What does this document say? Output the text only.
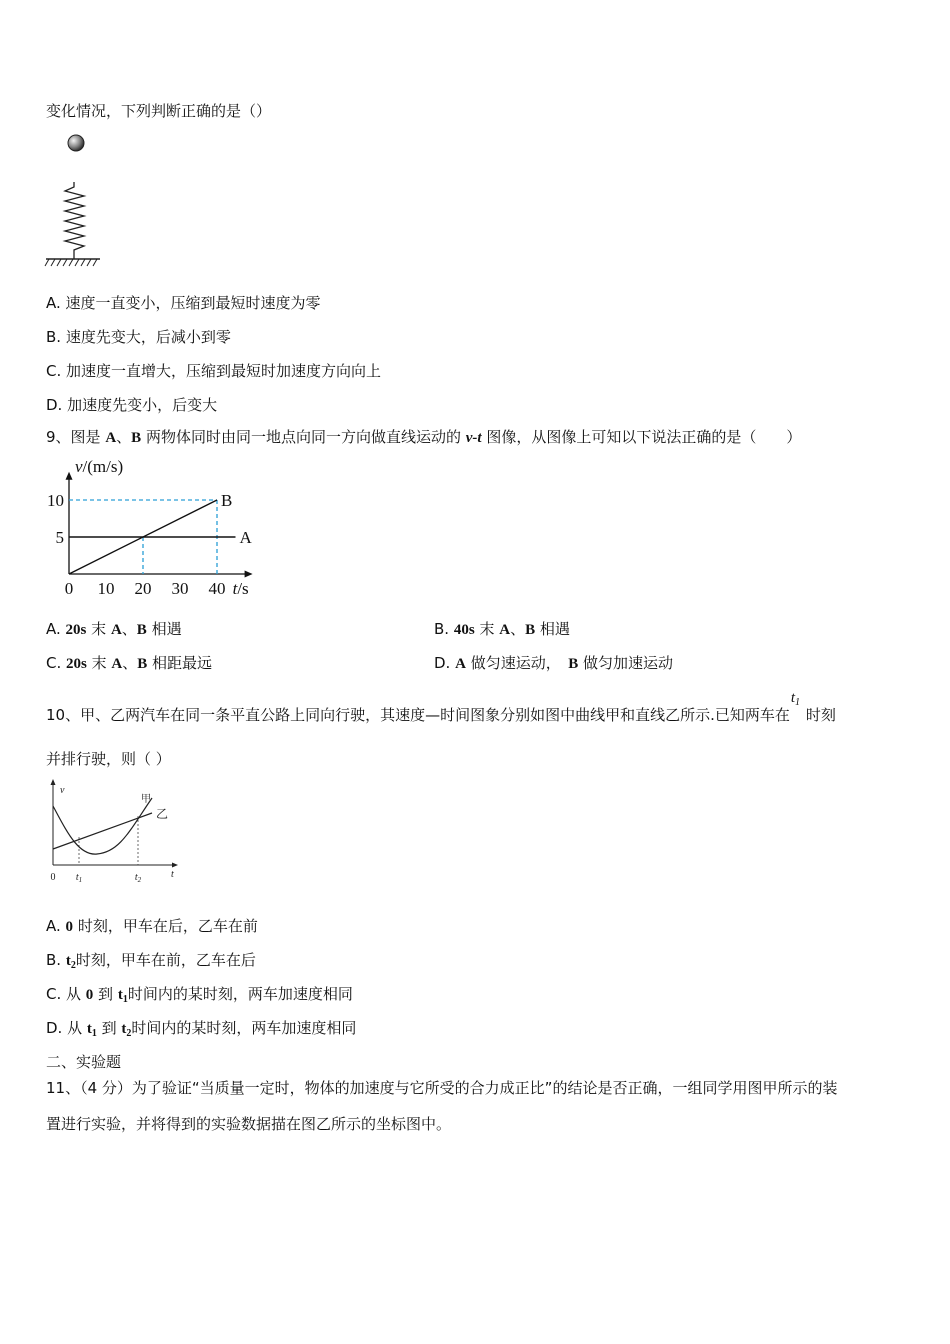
变化情况，下列判断正确的是（）
A. 速度一直变小，压缩到最短时速度为零
B. 速度先变大，后减小到零
C. 加速度一直增大，压缩到最短时加速度方向向上
D. 加速度先变小，后变大
9、图是 A、B 两物体同时由同一地点向同一方向做直线运动的 v-t 图像，从图像上可知以下说法正确的是（　　）
v/(m/s)
t/s
0 10 20 30 40
5
10
A
B
A. 20s 末 A、B 相遇	B. 40s 末 A、B 相遇
C. 20s 末 A、B 相距最远	D. A 做匀速运动，　B 做匀加速运动
10、甲、乙两汽车在同一条平直公路上同向行驶，其速度—时间图象分别如图中曲线甲和直线乙所示.已知两车在
$t_1$
时刻
并排行驶，则（ ）
v
t
0 $t_1$	$t_2$
甲
乙
A. 0 时刻，甲车在后，乙车在前
B. $t_2$时刻，甲车在前，乙车在后
C. 从 0 到 $t_1$时间内的某时刻，两车加速度相同
D. 从 $t_1$ 到 $t_2$时间内的某时刻，两车加速度相同
二、实验题
11、（4 分）为了验证“当质量一定时，物体的加速度与它所受的合力成正比”的结论是否正确，一组同学用图甲所示的装
置进行实验，并将得到的实验数据描在图乙所示的坐标图中。
